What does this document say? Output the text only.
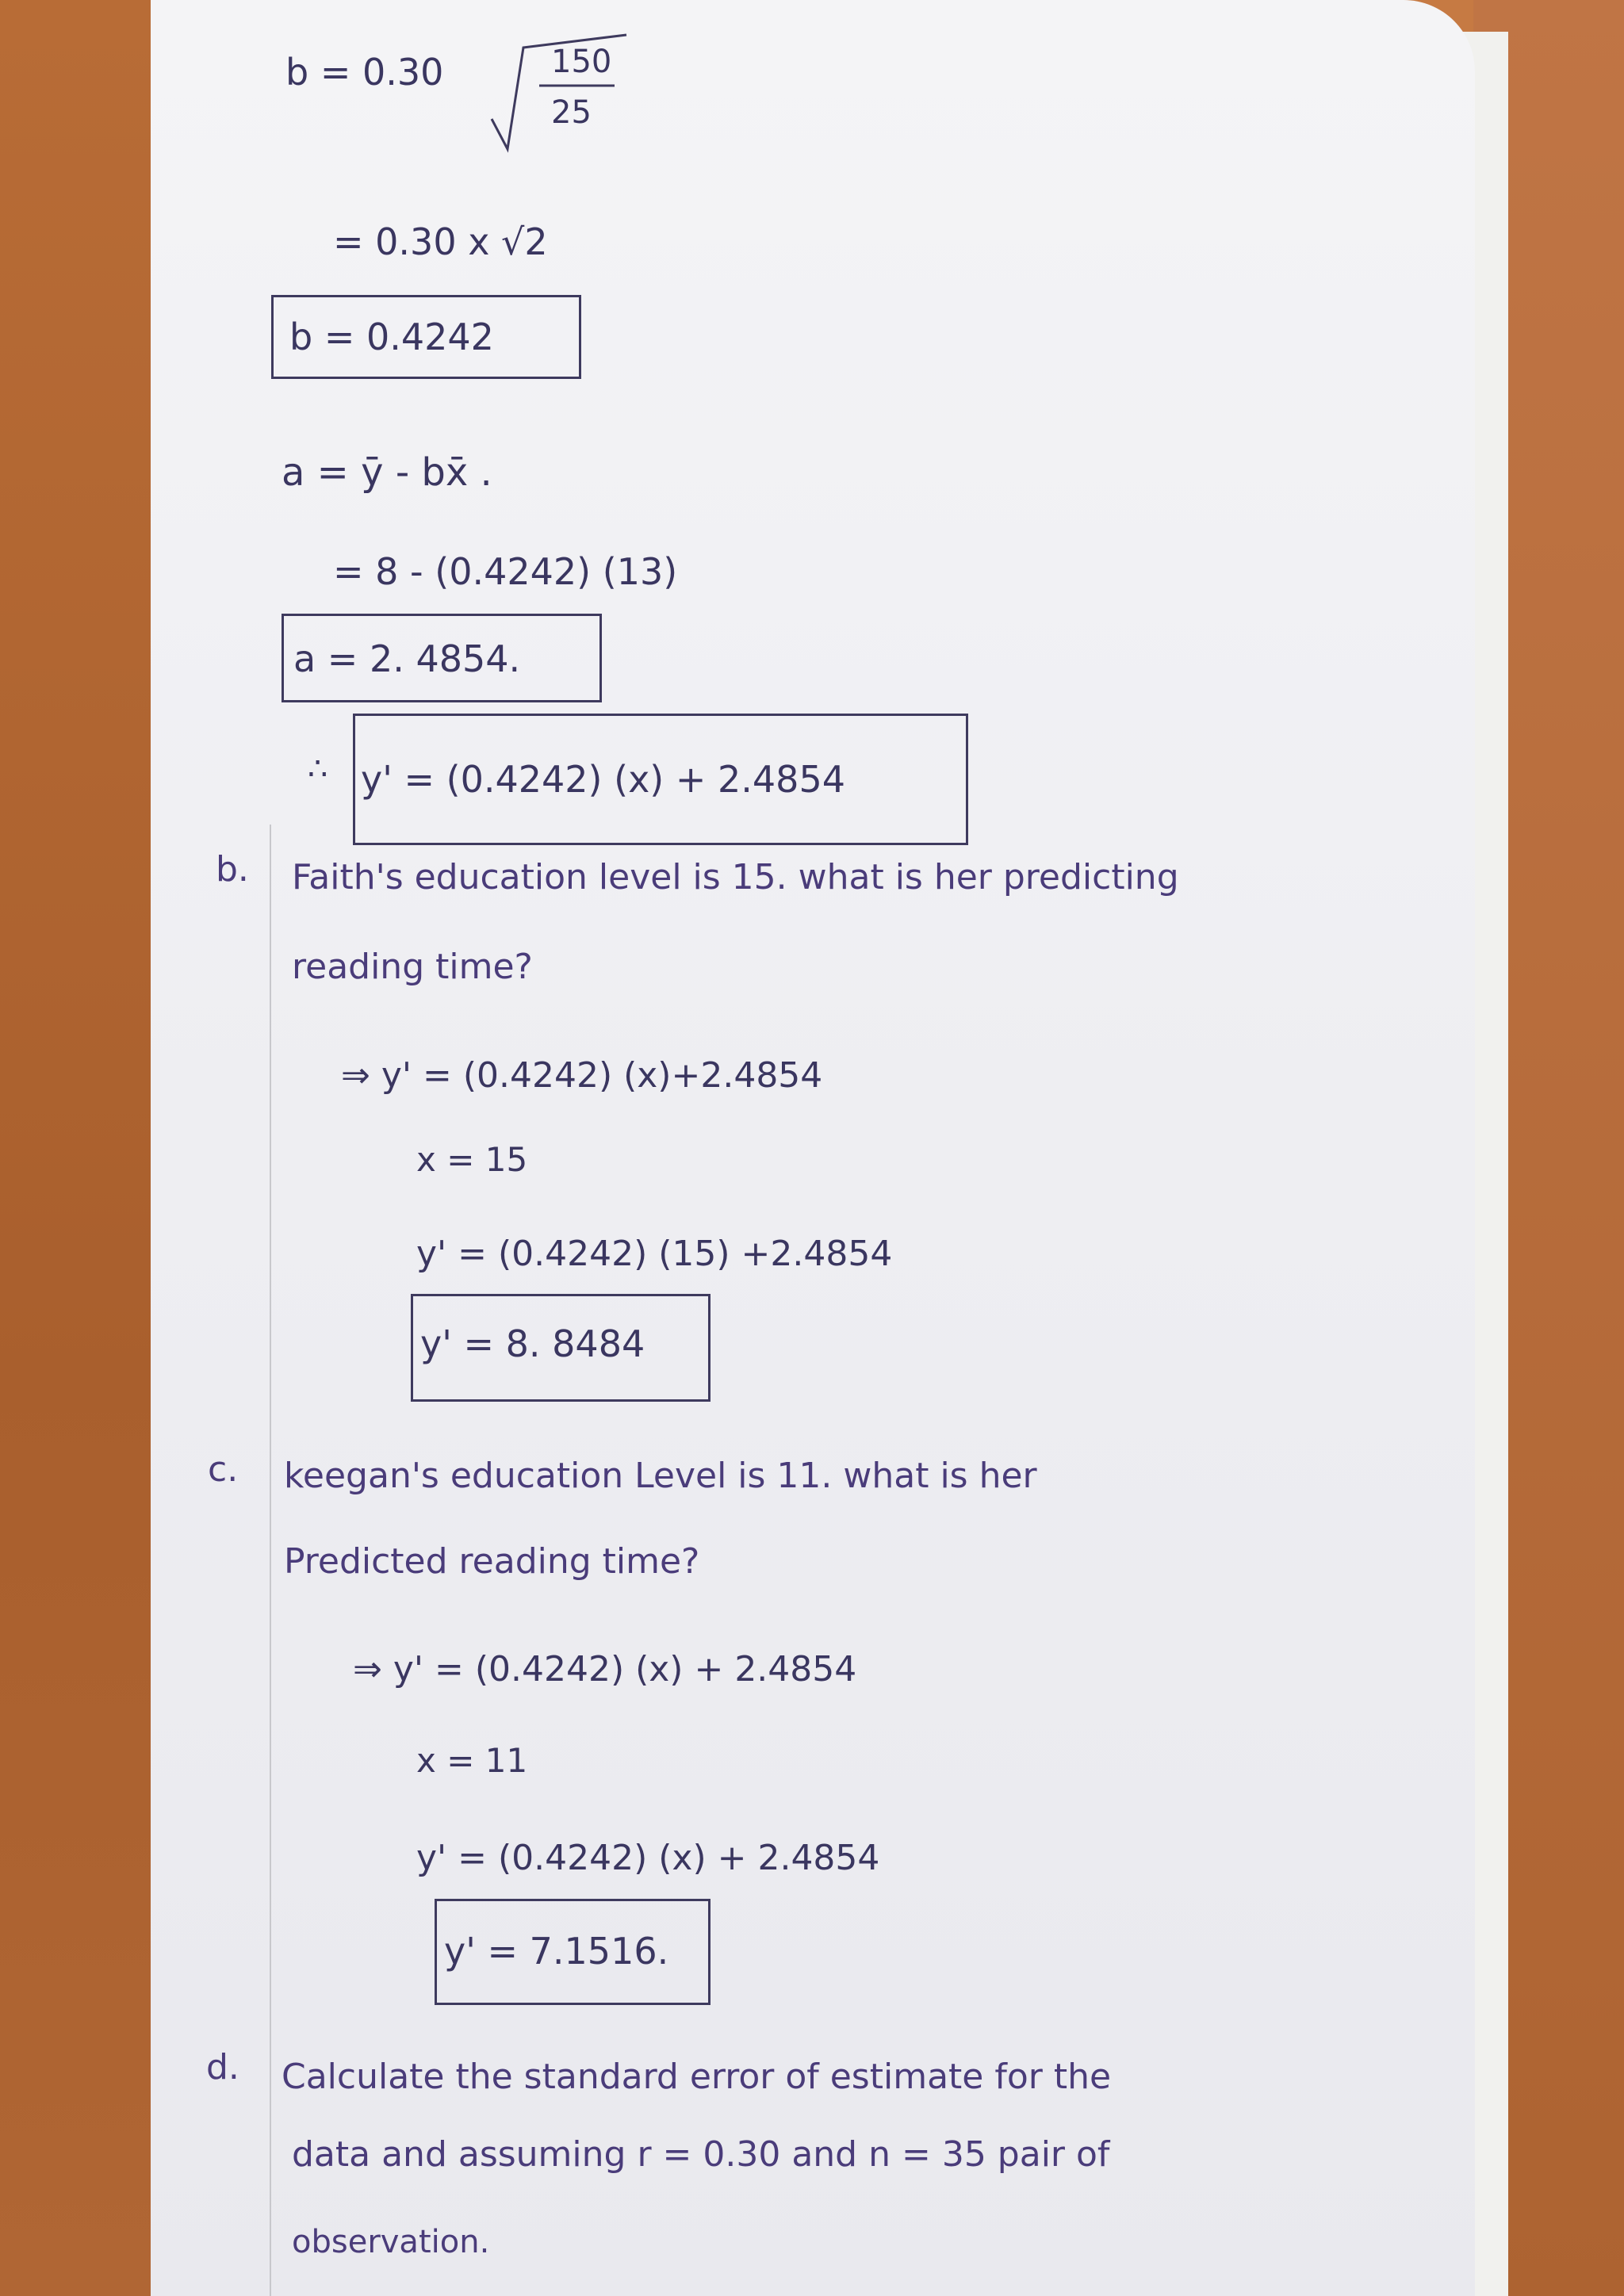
b = 0.30	150
25
= 0.30 x √2
b = 0.4242
a = ȳ - bx̄ .
= 8 - (0.4242) (13)
a = 2. 4854.
∴ y' = (0.4242) (x) + 2.4854
b. Faith's education level is 15. what is her predicting
reading time?
⇒ y' = (0.4242) (x)+2.4854
x = 15
y' = (0.4242) (15) +2.4854
y' = 8. 8484
c. keegan's education Level is 11. what is her
Predicted reading time?
⇒ y' = (0.4242) (x) + 2.4854
x = 11
y' = (0.4242) (x) + 2.4854
y' = 7.1516.
d. Calculate the standard error of estimate for the
data and assuming r = 0.30 and n = 35 pair of
observation.
